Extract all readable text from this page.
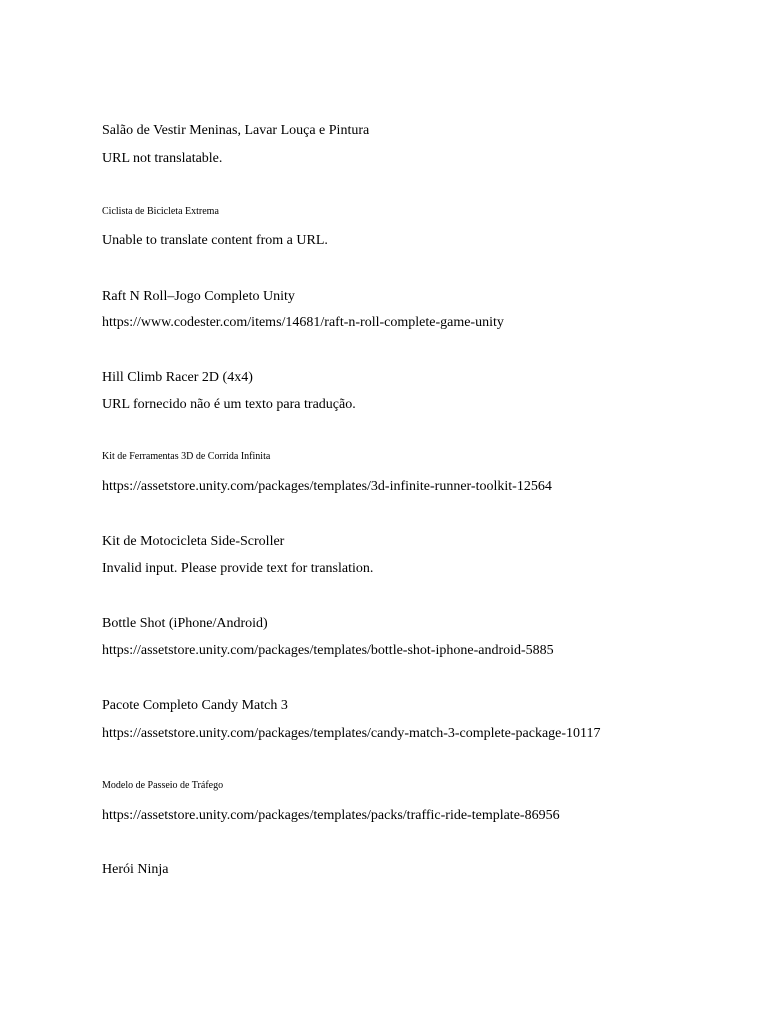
Salão de Vestir Meninas, Lavar Louça e Pintura
URL not translatable.
Ciclista de Bicicleta Extrema
Unable to translate content from a URL.
Raft N Roll–Jogo Completo Unity
https://www.codester.com/items/14681/raft-n-roll-complete-game-unity
Hill Climb Racer 2D (4x4)
URL fornecido não é um texto para tradução.
Kit de Ferramentas 3D de Corrida Infinita
https://assetstore.unity.com/packages/templates/3d-infinite-runner-toolkit-12564
Kit de Motocicleta Side-Scroller
Invalid input. Please provide text for translation.
Bottle Shot (iPhone/Android)
https://assetstore.unity.com/packages/templates/bottle-shot-iphone-android-5885
Pacote Completo Candy Match 3
https://assetstore.unity.com/packages/templates/candy-match-3-complete-package-10117
Modelo de Passeio de Tráfego
https://assetstore.unity.com/packages/templates/packs/traffic-ride-template-86956
Herói Ninja
